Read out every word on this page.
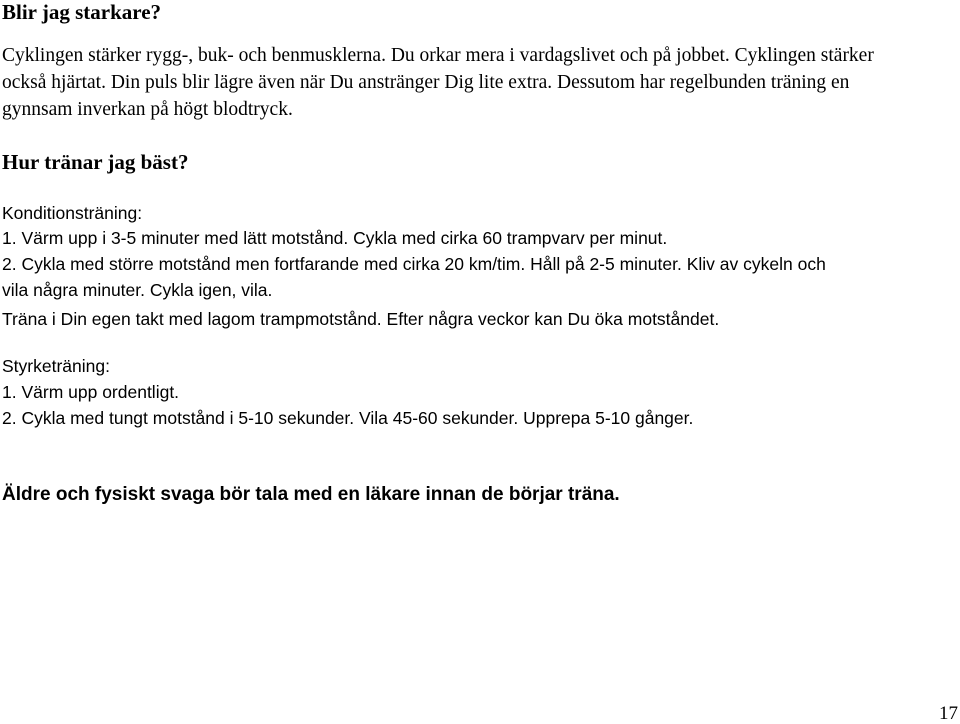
Blir jag starkare?
Cyklingen stärker rygg-, buk- och benmusklerna. Du orkar mera i vardagslivet och på jobbet. Cyklingen stärker
också hjärtat. Din puls blir lägre även när Du anstränger Dig lite extra. Dessutom har regelbunden träning en
gynnsam inverkan på högt blodtryck.
Hur tränar jag bäst?
Konditionsträning:
1. Värm upp i 3-5 minuter med lätt motstånd. Cykla med cirka 60 trampvarv per minut.
2. Cykla med större motstånd men fortfarande med cirka 20 km/tim. Håll på 2-5 minuter. Kliv av cykeln och
vila några minuter. Cykla igen, vila.
Träna i Din egen takt med lagom trampmotstånd. Efter några veckor kan Du öka motståndet.
Styrketräning:
1. Värm upp ordentligt.
2. Cykla med tungt motstånd i 5-10 sekunder. Vila 45-60 sekunder. Upprepa 5-10 gånger.
Äldre och fysiskt svaga bör tala med en läkare innan de börjar träna.
17
